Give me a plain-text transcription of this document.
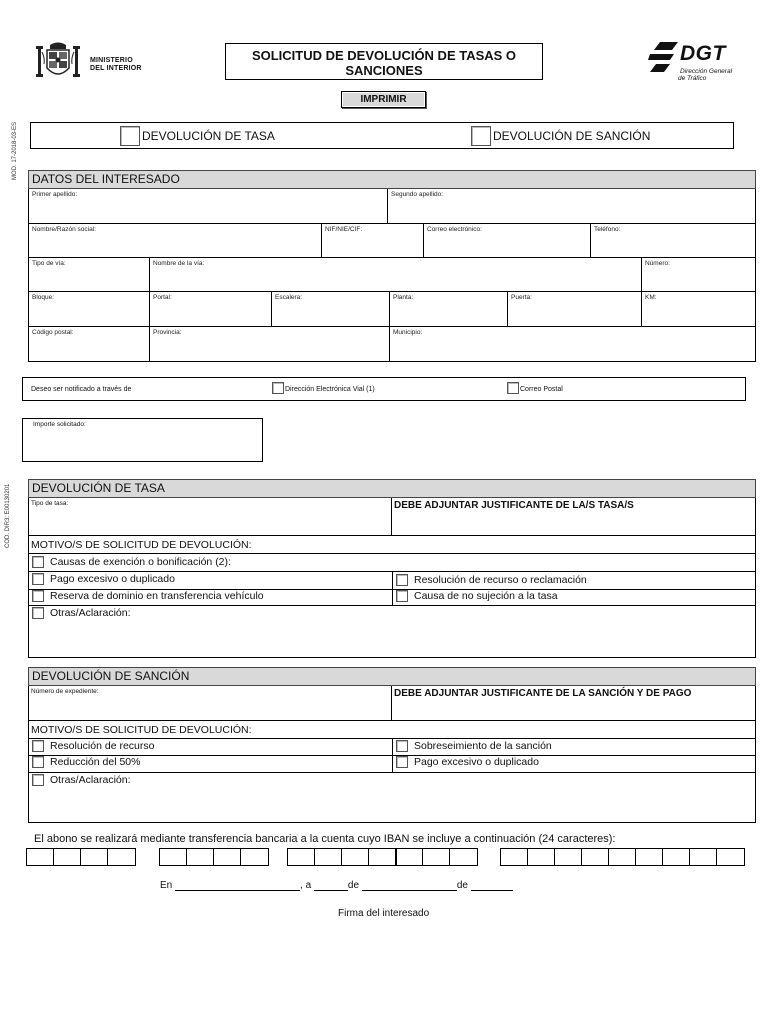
MOD. 17-2018-03-ES
COD. DIR3: E00130201
MINISTERIO
DEL INTERIOR
SOLICITUD DE DEVOLUCIÓN DE TASAS O
SANCIONES
DGT
Dirección General
de Tráfico
IMPRIMIR
DEVOLUCIÓN DE TASA	DEVOLUCIÓN DE SANCIÓN
DATOS DEL INTERESADO
Primer apellido:	Segundo apellido:
Nombre/Razón social:	NIF/NIE/CIF:	Correo electrónico:	Teléfono:
Tipo de vía:	Nombre de la vía:	Número:
Bloque:	Portal:	Escalera:	Planta:	Puerta:	KM:
Código postal:	Provincia:	Municipio:
Deseo ser notificado a través de	Dirección Electrónica Vial (1)	Correo Postal
Importe solicitado:
DEVOLUCIÓN DE TASA
Tipo de tasa:	DEBE ADJUNTAR JUSTIFICANTE DE LA/S TASA/S
MOTIVO/S DE SOLICITUD DE DEVOLUCIÓN:
Causas de exención o bonificación (2):
Pago excesivo o duplicado	Resolución de recurso o reclamación
Reserva de dominio en transferencia vehículo	Causa de no sujeción a la tasa
Otras/Aclaración:
DEVOLUCIÓN DE SANCIÓN
Número de expediente:	DEBE ADJUNTAR JUSTIFICANTE DE LA SANCIÓN Y DE PAGO
MOTIVO/S DE SOLICITUD DE DEVOLUCIÓN:
Resolución de recurso	Sobreseimiento de la sanción
Reducción del 50%	Pago excesivo o duplicado
Otras/Aclaración:
El abono se realizará mediante transferencia bancaria a la cuenta cuyo IBAN se incluye a continuación (24 caracteres):
En	, a	de	de
Firma del interesado
